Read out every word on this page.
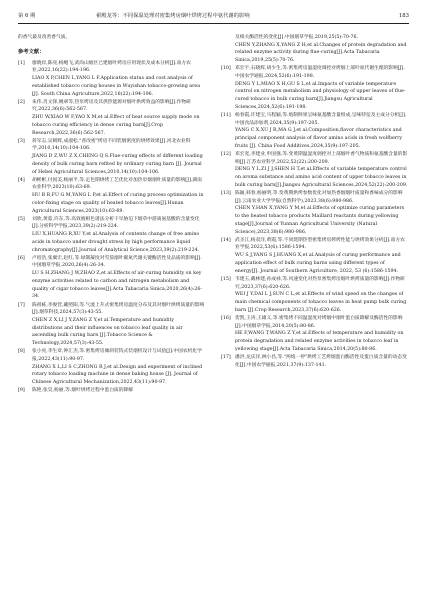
第 6 期	翟殿龙等：不同保温处理对密集烤房烟叶烘烤过程中氨代谢的影响	183

的香气最及改善香气质。

参考文献：
[1] 廖晓岸,陈亮,杨飏飞,武尚山烟区已建烟叶烤房应用现状及成本分析[J].南方农业,2022,16(22):194-196.
LIAO X P,CHEN L,YANG L F.Application status and cost analysis of established tobacco curing houses in Wuyishan tobacco-growing area [J]. South China Agriculture,2022,16(22):194-196.
[2] 朱伟,肖文锋,姚翠等,热泵烤房及其供热能源对烟叶烘烤效益的影响[J].作物研究,2022,36(6):562-567.
ZHU W,XIAO W F,YAO X M,et al.Effect of heat source supply mode on tobacco curing efficiency in dense curing barn[J].Crop Research,2022,36(6):562-567.
[3] 蒋军志,吴朝辉,成淑松."普改密"烤房不同装烟密度的烘烤效果[J].河北农业科学,2010,14(10):104-106.
JIANG D Z,WU Z X,CHENG Q S.Flue-curing effects of different loading density of bulk curing barn refited by ordinary curing barn [J]. Journal of Hebei Agricultural Sciences,2010,14(10):104-106.
[4] 胡彬彬,付国美,杨丽平,等.定色期烘烤工艺优化对加热泵烟烟叶质量的影响[J].湖南农业科学,2023(10):63-69.
HU B B,FU G M,YANG L P,et al.Effect of curing process optimization in color-fixing stage on quality of heated tobacco leaves[J].Hunan Agricultural Sciences,2023(10):63-69.
[5] 刘欣,黄茹,许东,等.高效液相色谱法分析干旱胁迫下烟草中游离氨基酸的含量变化[J].分析科学学报,2023,39(2):219-224.
LIU X,HUANG R,XU Y,et al.Analysis of contents change of free amino acids in tobacco under drought stress by high performance liquid chromatography[J].Journal of Analytical Science,2023,39(2):219-224.
[6] 卢绍浩,张翼宏,赵红,等.绿制凝度对雪茄烟叶碳氮代谢关键酶活性及品质的影响[J].中国烟草学报,2020,26(4):26-34.
LU S H,ZHANG J W,ZHAO Z,et al.Effects of air-curing humidity on key enzyme activities related to carbon and nitrogen metabolism and quality of cigar tobacco leaves[J].Acta Tabacaria Sinica,2020,26(4):26-34.
[7] 陈祖栋,李俊营,藏照阳,等.气流上升式密集烤房温度分布及其对烟叶烘烤质量的影响[J].烟草科技,2024,57(3):43-55.
CHEN Z X,LI J Y,ZANG Z Y,et al.Temperature and humidity distributions and their influences on tobacco leaf quality in air ascending bulk curing barn [J].Tobacco Science & Technology,2024,57(3):43-55.
[8] 张小亮,李生章,钟汇杰,等.密集烤房倾斜装钩式装烟机设计与试验[J].中国农机化学报,2022,43(11):90-97.
ZHANG X L,LI S C,ZHONG R J,et al.Design and experiment of inclined rotary tobacco loading machine in dense baking house [J]. Journal of Chinese Agricultural Mechanization,2022,43(11):90-97.
[9] 陈艳,张昊,杨丽,等.烟叶烘烤过程中蛋白质的降解
及相关酶活性的变化[J].中国烟草学报,2019,25(5):70-76.
CHEN Y,ZHANG X,YANG Z H,et al.Changes of protein degradation and related enzyme activity during flue-curing[J].Acta Tabacaria Sinica,2019,25(5):70-76.
[10] 邓宏宇,石晓辉,胡少生,等.密集烤房温湿度调控对烤烟上部叶氮代谢生理的影响[J].中国农学通报,2024,52(6):191-198.
DENG Y L,MIAO X H,GU S L,et al.Impacts of variable temperature control on nitrogen metabolism and physiology of upper leaves of flue-cured tobacco in bulk curing barn[J].Jiangsu Agricultural Sciences,2024,52(6):191-198.
[11] 杨春霞,许建宝,马程颖,等.炮制鲜果呈味氨基酸含量组成,呈味特征及主成分分析[J].中国食品添加剂,2024,35(9):197-205.
YANG C X,XU J R,MA G J,et al.Composition,flavor characteristics and principal component analysis of flavor amino acids in fresh wolfberry fruits [J]. China Food Additives,2024,35(9):197-205.
[12] 邓宏宽,李建业,申国强,等.变黄期温湿度调控对上部烟叶香气物质和氨基酸含量的影响[J].江苏农业科学,2022,52(22):200-209.
DENG Y L,ZI J J,SHEN H T,et al.Effects of variable temperature control on aroma substance and amino acid content of upper tobacco leaves in bulk curing barn[J].Jiangsu Agricultural Sciences,2024,52(22):200-209.
[13] 陈颖,韩春,杨丽明,等.变黄期烘烤参数优化对加热香烟烟叶质量和香味成分的影响[J].云南农业大学学报(自然科学),2023,38(6):980-986.
CHEN Y,HAN X,YANG Y M,et al.Effects of optimize curing parameters to the heated tobacco products Maillard reactants during yellowing stage[J].Journal of Yunnan Agricultural University (Natural Science),2023,38(6):980-986.
[14] 武圣江,杨双洋,黄霞,等.不同烧期热型密集烤房烤烤性能与烘烤效果分析[J].南方农业学报,2022,53(6):1586-1594.
WU S J,YANG S J,HUANG X,et al.Analysis of curing performance and application effect of bulk curing barns using different types of energy[J]. Journal of Southern Agriculture, 2022, 53 (6):1586-1594.
[15] 韦建玉,戴林建,孙成禄,等.风速变化对热泵密集烤房烟叶烘烤质量的影响[J].作物研究,2023,37(6):620-626.
WEI J Y,DAI L J,SUN C L,et al.Effects of wind speed on the changes of main chemical components of tobacco leaves in heat pump bulk curing barn [J].Crop Research,2023,37(6):620-626.
[16] 贺凯,王涛,王雄义,等.密集烤不同温湿度对烤烟中烟叶蛋白质降解及酶活性的影响[J].中国烟草学报,2014,20(5):80-86.
HE F,WANG T,WANG Z Y,et al.Effects of temperature and humidity on protein degradation and related enzyme activities in tobacco leaf in yellowing stage[J].Acta Tabacaria Sinica,2014,20(5):80-86.
[17] 潘洪,龙庆洋,林小昌,等."两炮一停"烘烤工艺烤烟蛋白酶活性及蛋白质含量的动态变化[J].中国农学通报,2021,37(9):137-141.
